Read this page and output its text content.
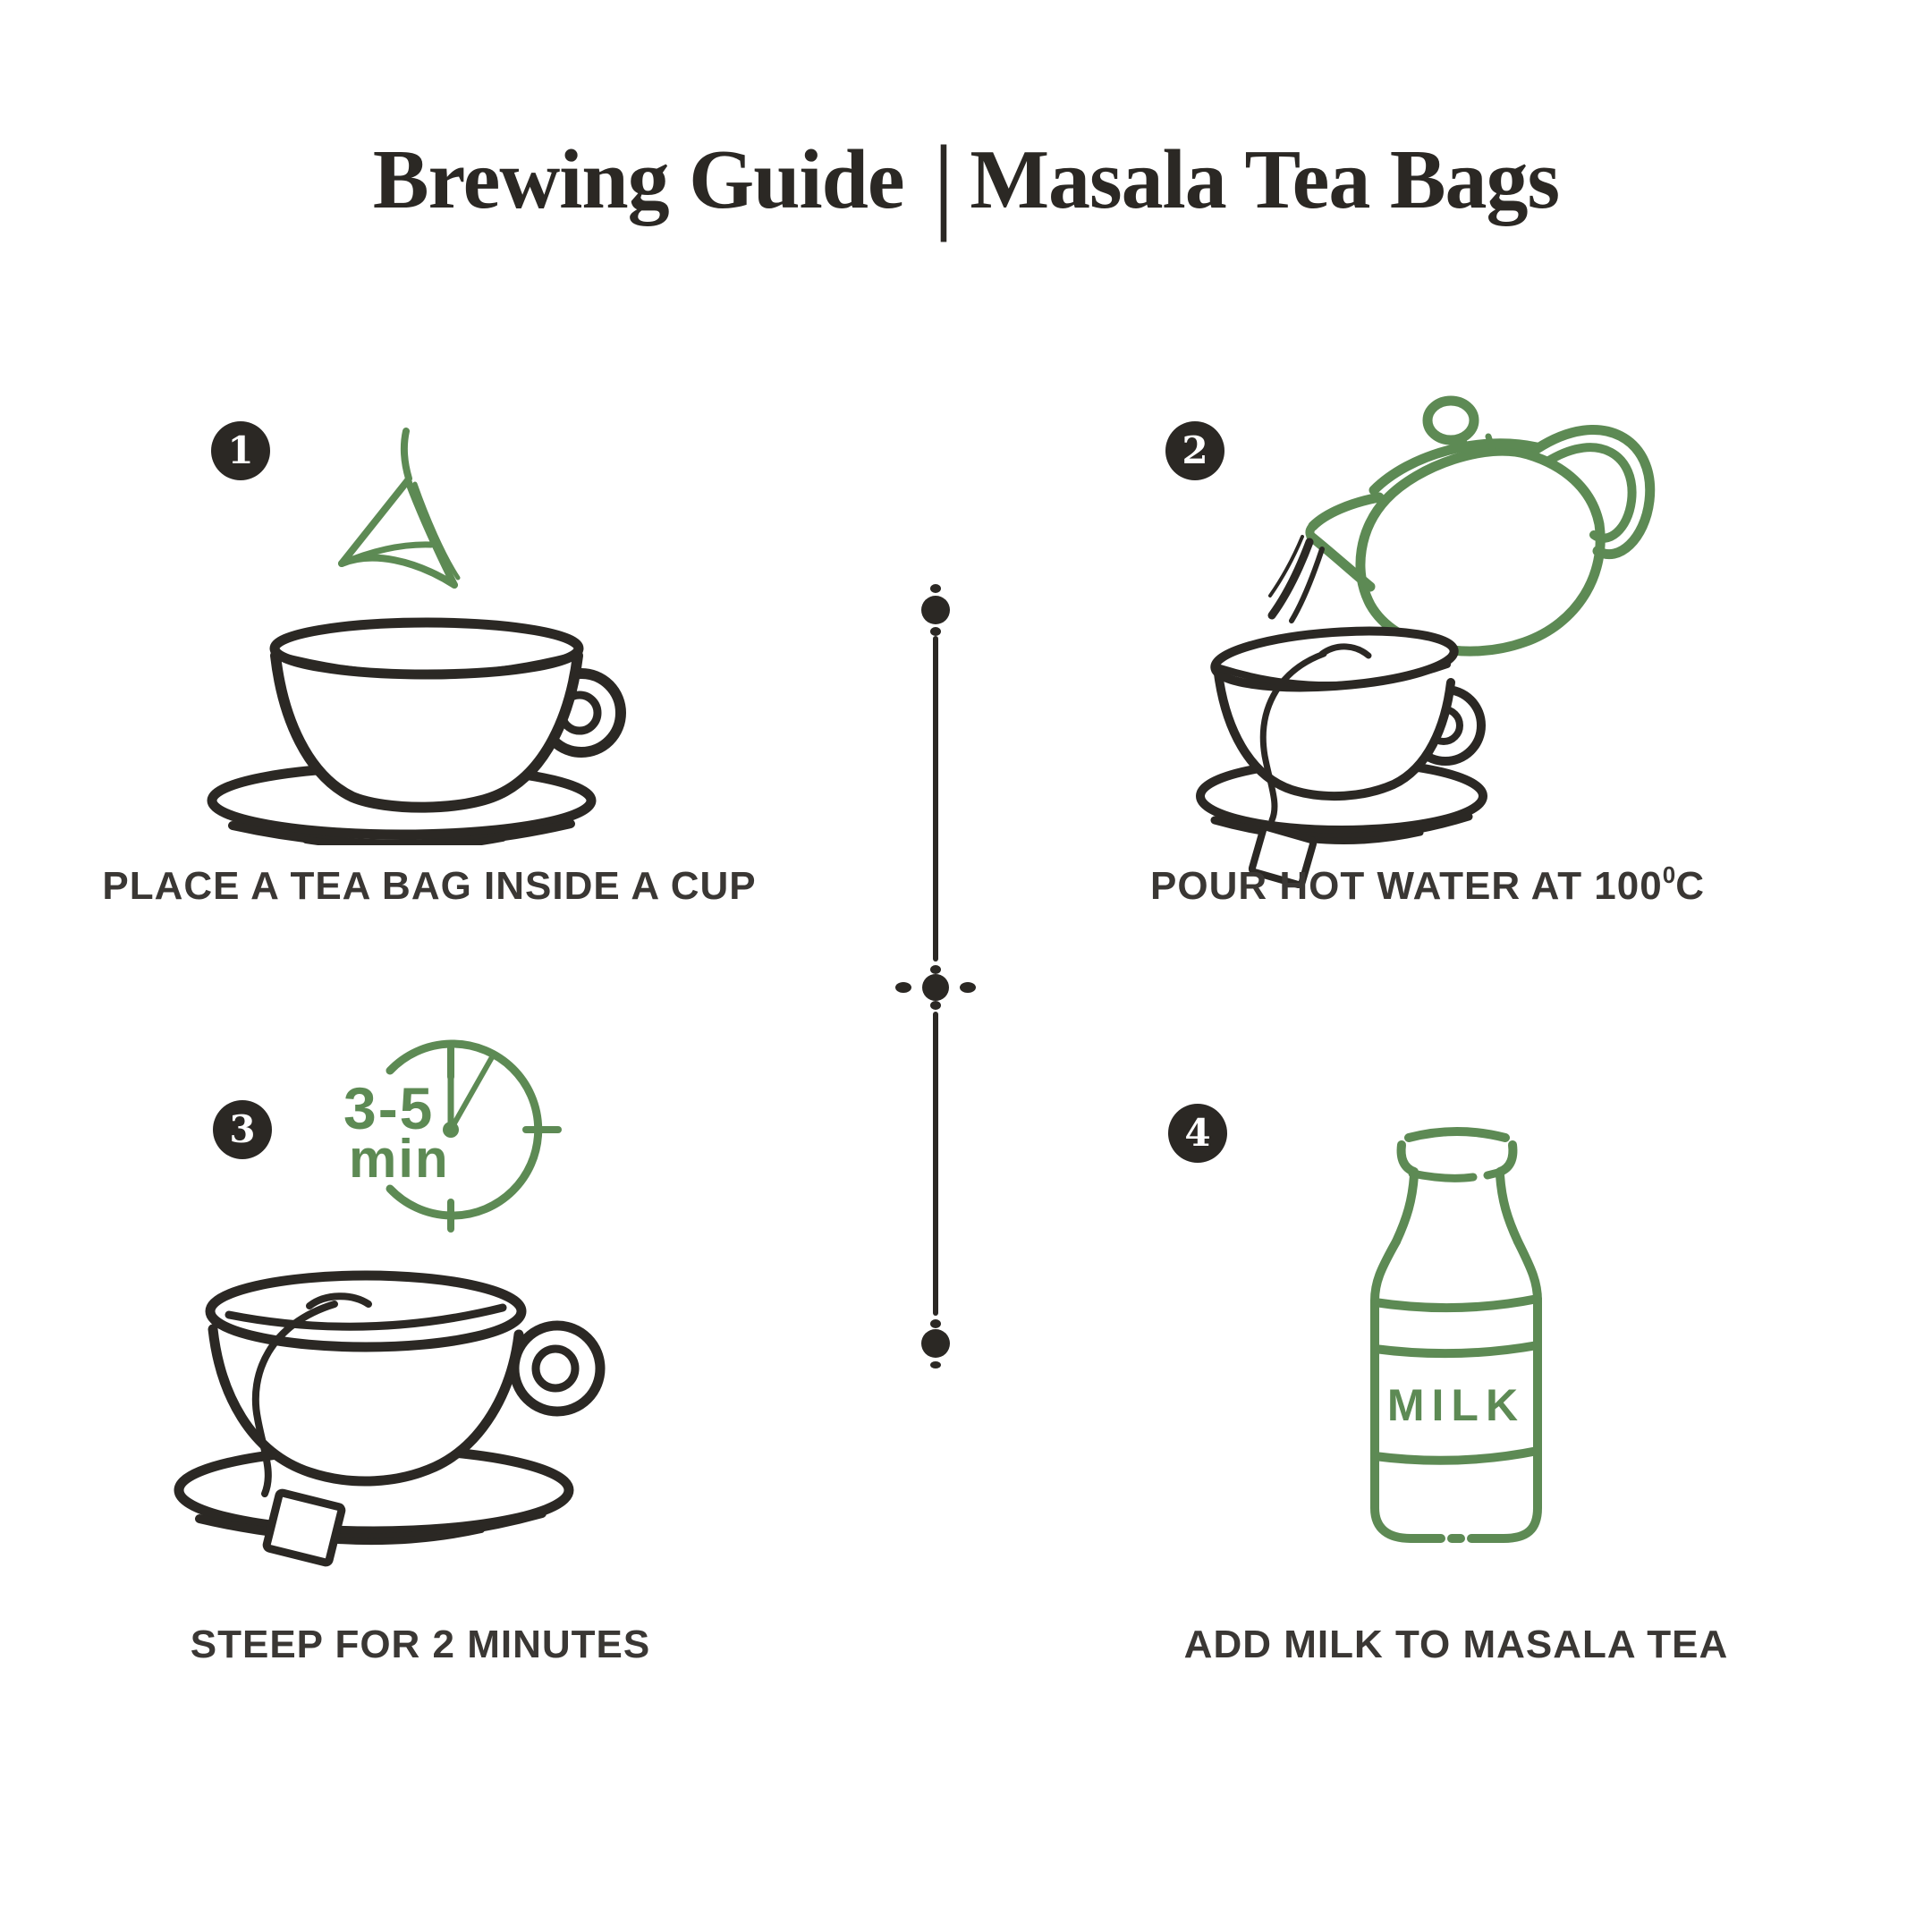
Brewing Guide | Masala Tea Bags
1
PLACE A TEA BAG INSIDE A CUP
2
POUR HOT WATER AT $100^0C$
3 3-5
min
STEEP FOR 2 MINUTES
4
MILK
ADD MILK TO MASALA TEA
